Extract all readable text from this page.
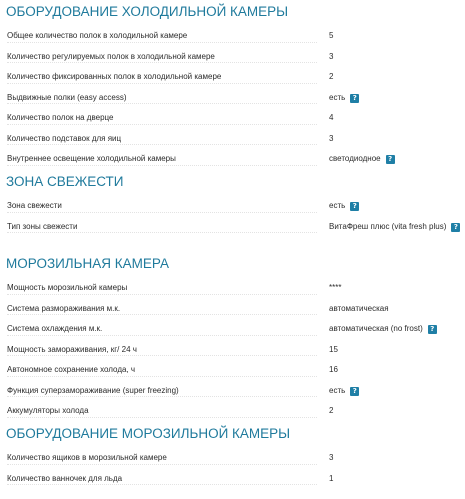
ОБОРУДОВАНИЕ ХОЛОДИЛЬНОЙ КАМЕРЫ
Общее количество полок в холодильной камере	5
Количество регулируемых полок в холодильной камере	3
Количество фиксированных полок в холодильной камере	2
Выдвижные полки (easy access)	есть ?
Количество полок на дверце	4
Количество подставок для яиц	3
Внутреннее освещение холодильной камеры	светодиодное ?
ЗОНА СВЕЖЕСТИ
Зона свежести	есть ?
Тип зоны свежести	ВитаФреш плюс (vita fresh plus) ?
МОРОЗИЛЬНАЯ КАМЕРА
Мощность морозильной камеры	****
Система размораживания м.к.	автоматическая
Система охлаждения м.к.	автоматическая (no frost) ?
Мощность замораживания, кг/ 24 ч	15
Автономное сохранение холода, ч	16
Функция суперзамораживание (super freezing)	есть ?
Аккумуляторы холода	2
ОБОРУДОВАНИЕ МОРОЗИЛЬНОЙ КАМЕРЫ
Количество ящиков в морозильной камере	3
Количество ванночек для льда	1
